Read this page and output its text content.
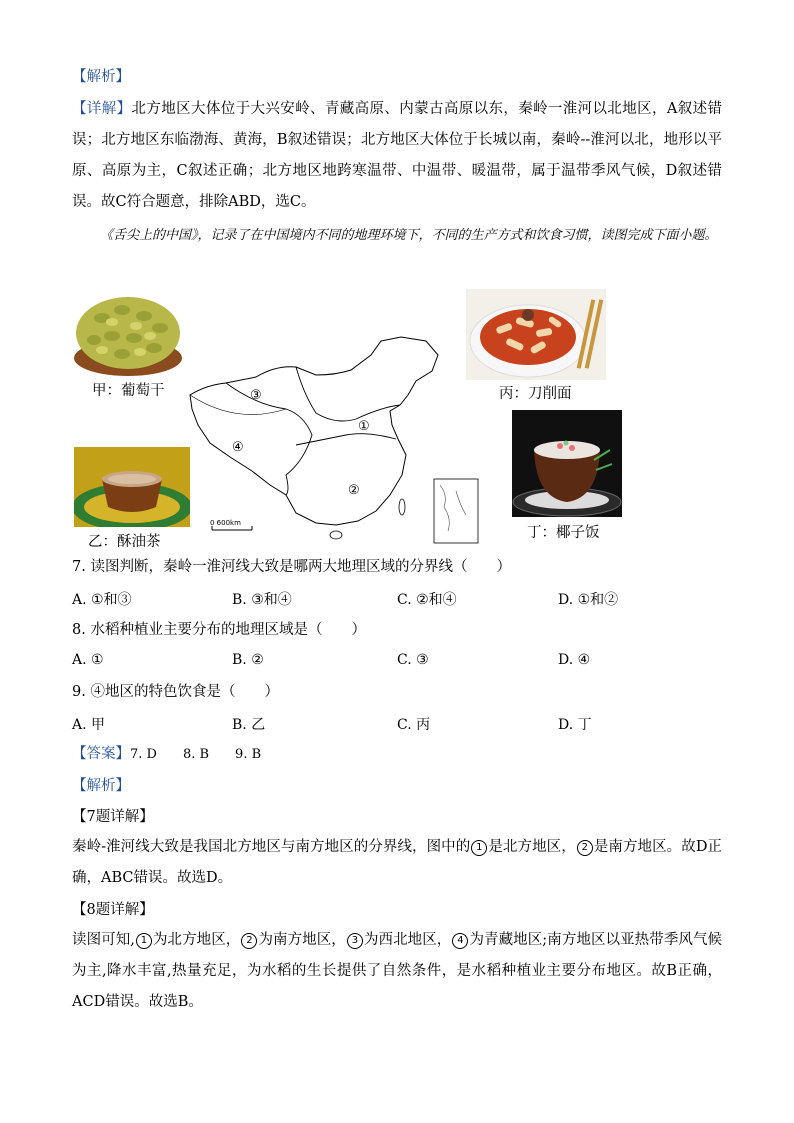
【解析】

【详解】北方地区大体位于大兴安岭、青藏高原、内蒙古高原以东，秦岭一淮河以北地区，A叙述错误；北方地区东临渤海、黄海，B叙述错误；北方地区大体位于长城以南，秦岭--淮河以北，地形以平原、高原为主，C叙述正确；北方地区地跨寒温带、中温带、暖温带，属于温带季风气候，D叙述错误。故C符合题意，排除ABD，选C。

《舌尖上的中国》，记录了在中国境内不同的地理环境下，不同的生产方式和饮食习惯，读图完成下面小题。
甲：葡萄干
乙：酥油茶
丙：刀削面
丁：椰子饭
③
①
④
②
0 600km
7. 读图判断，秦岭一淮河线大致是哪两大地理区域的分界线（　　）
A. ①和③	B. ③和④	C. ②和④	D. ①和②
8. 水稻种植业主要分布的地理区域是（　　）
A. ①	B. ②	C. ③	D. ④
9. ④地区的特色饮食是（　　）
A. 甲	B. 乙	C. 丙	D. 丁
【答案】7. D　　8. B　　9. B
【解析】
【7题详解】

秦岭-淮河线大致是我国北方地区与南方地区的分界线，图中的 1 是北方地区， 2 是南方地区。故D正确，ABC错误。故选D。

【8题详解】

读图可知, 1 为北方地区， 2 为南方地区， 3 为西北地区， 4 为青藏地区;南方地区以亚热带季风气候为主,降水丰富,热量充足，为水稻的生长提供了自然条件，是水稻种植业主要分布地区。故B正确，ACD错误。故选B。
